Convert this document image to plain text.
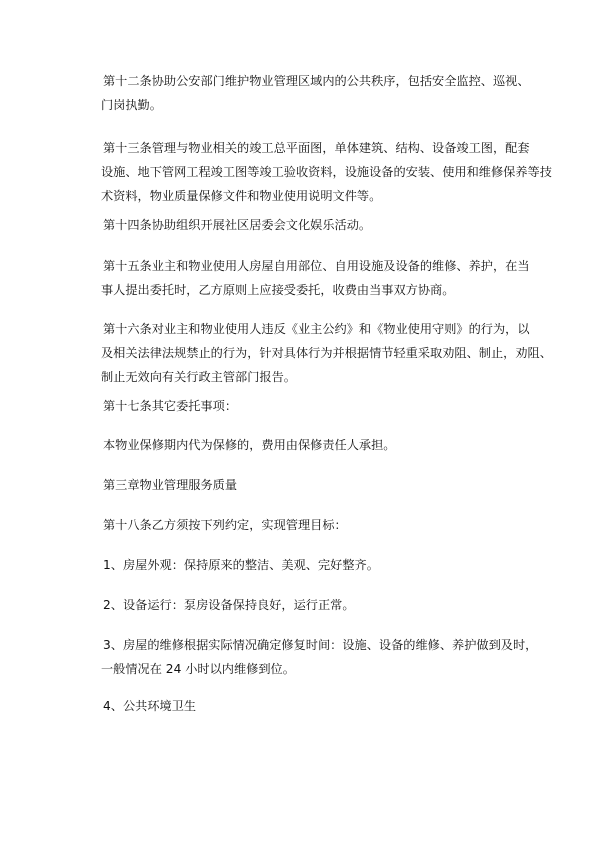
第十二条协助公安部门维护物业管理区域内的公共秩序，包括安全监控、巡视、
门岗执勤。

第十三条管理与物业相关的竣工总平面图，单体建筑、结构、设备竣工图，配套
设施、地下管网工程竣工图等竣工验收资料，设施设备的安装、使用和维修保养等技
术资料，物业质量保修文件和物业使用说明文件等。

第十四条协助组织开展社区居委会文化娱乐活动。

第十五条业主和物业使用人房屋自用部位、自用设施及设备的维修、养护，在当
事人提出委托时，乙方原则上应接受委托，收费由当事双方协商。

第十六条对业主和物业使用人违反《业主公约》和《物业使用守则》的行为，以
及相关法律法规禁止的行为，针对具体行为并根据情节轻重采取劝阻、制止，劝阻、
制止无效向有关行政主管部门报告。

第十七条其它委托事项：

本物业保修期内代为保修的，费用由保修责任人承担。

第三章物业管理服务质量

第十八条乙方须按下列约定，实现管理目标：

1、房屋外观：保持原来的整洁、美观、完好整齐。

2、设备运行：泵房设备保持良好，运行正常。

3、房屋的维修根据实际情况确定修复时间：设施、设备的维修、养护做到及时，
一般情况在 24 小时以内维修到位。

4、公共环境卫生
